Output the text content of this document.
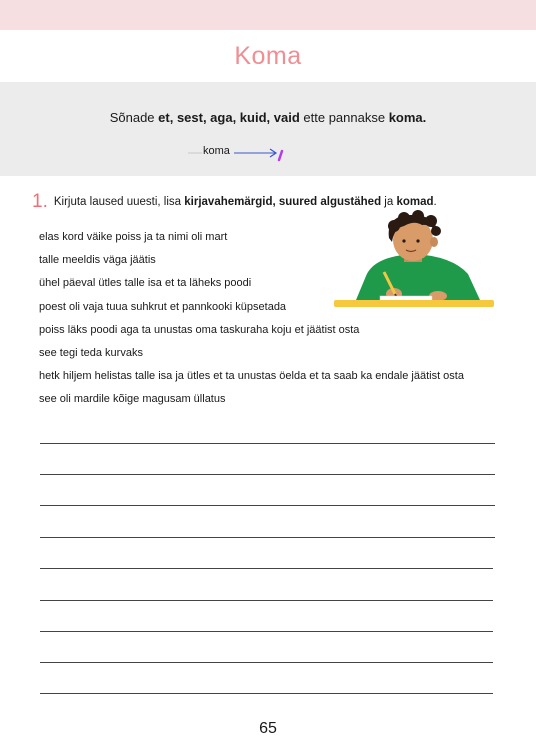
Koma
Sõnade et, sest, aga, kuid, vaid ette pannakse koma.
koma
1. Kirjuta laused uuesti, lisa kirjavahemärgid, suured algustähed ja komad.
elas kord väike poiss ja ta nimi oli mart
talle meeldis väga jäätis
ühel päeval ütles talle isa et ta läheks poodi
poest oli vaja tuua suhkrut et pannkooki küpsetada
poiss läks poodi aga ta unustas oma taskuraha koju et jäätist osta
see tegi teda kurvaks
hetk hiljem helistas talle isa ja ütles et ta unustas öelda et ta saab ka endale jäätist osta
see oli mardile kõige magusam üllatus
65
